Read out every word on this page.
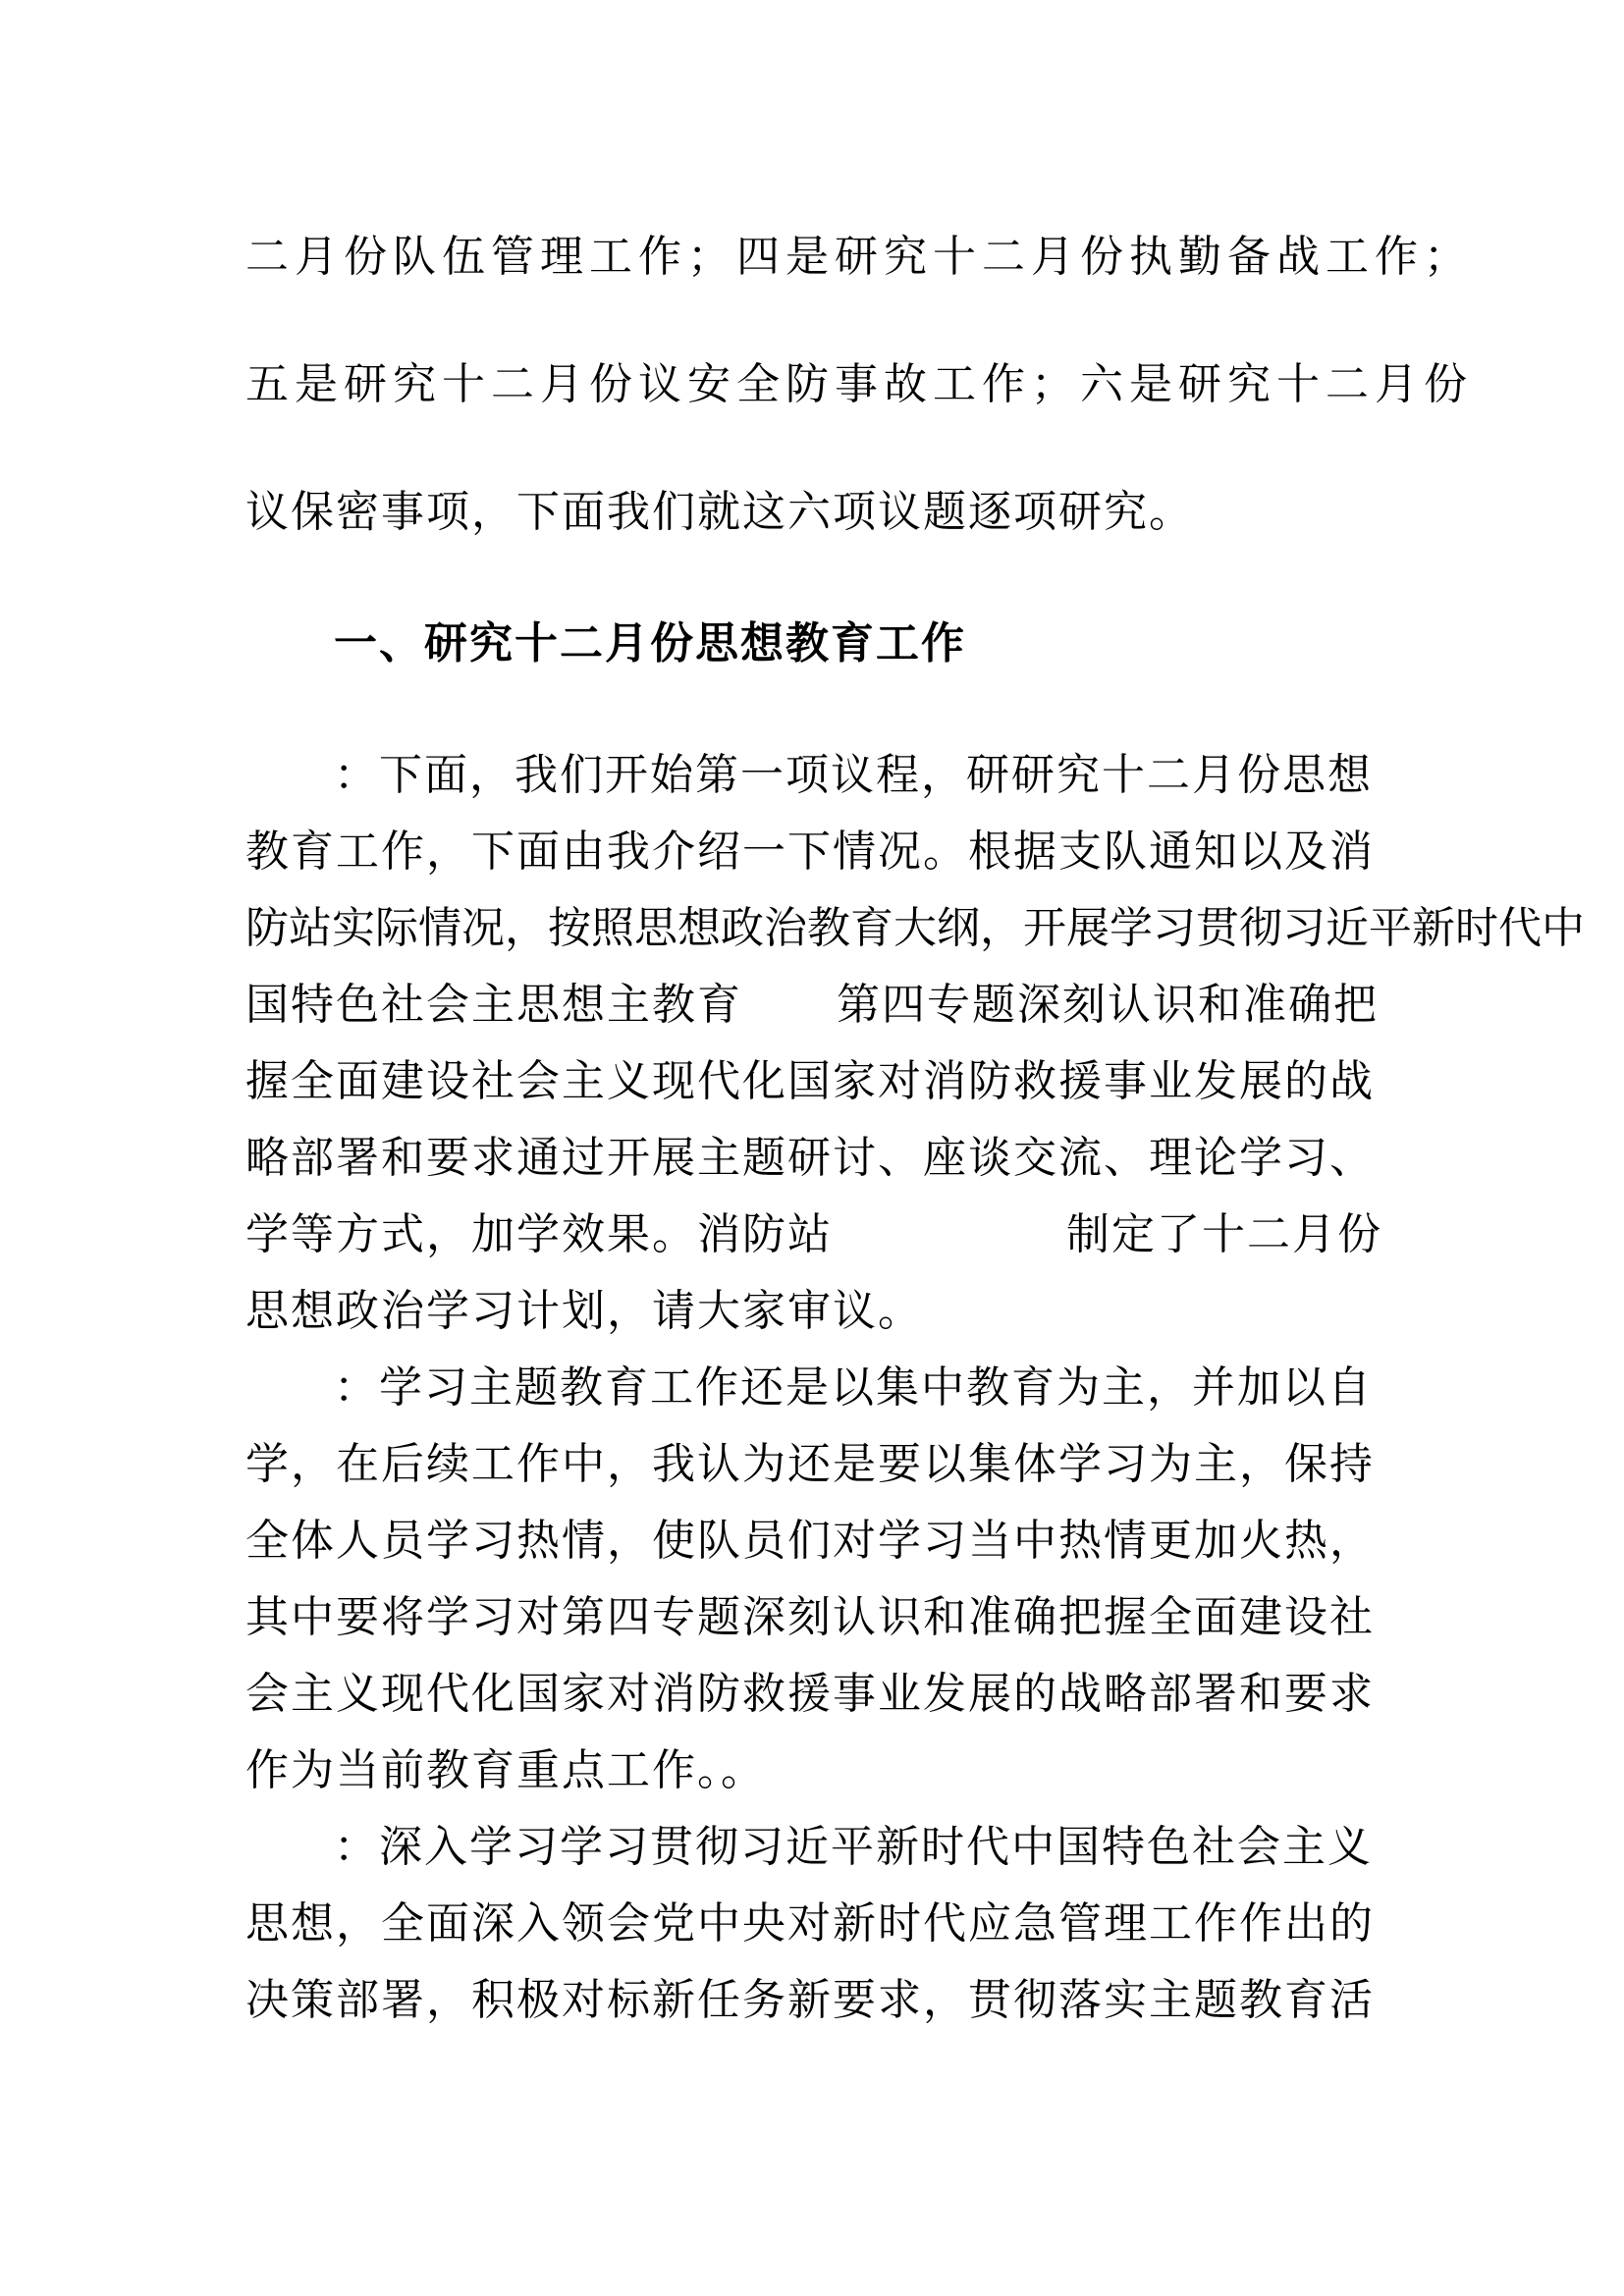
二月份队伍管理工作；四是研究十二月份执勤备战工作；
五是研究十二月份议安全防事故工作；六是研究十二月份
议保密事项，下面我们就这六项议题逐项研究。
一、研究十二月份思想教育工作
：下面，我们开始第一项议程，研研究十二月份思想
教育工作，下面由我介绍一下情况。根据支队通知以及消
防站实际情况，按照思想政治教育大纲，开展学习贯彻习近平新时代中
国特色社会主思想主教育 第四专题深刻认识和准确把
握全面建设社会主义现代化国家对消防救援事业发展的战
略部署和要求通过开展主题研讨、座谈交流、理论学习、
学等方式，加学效果。消防站	制定了十二月份
思想政治学习计划，请大家审议。
：学习主题教育工作还是以集中教育为主，并加以自
学，在后续工作中，我认为还是要以集体学习为主，保持
全体人员学习热情，使队员们对学习当中热情更加火热，
其中要将学习对第四专题深刻认识和准确把握全面建设社
会主义现代化国家对消防救援事业发展的战略部署和要求
作为当前教育重点工作。。
：深入学习学习贯彻习近平新时代中国特色社会主义
思想，全面深入领会党中央对新时代应急管理工作作出的
决策部署，积极对标新任务新要求，贯彻落实主题教育活
